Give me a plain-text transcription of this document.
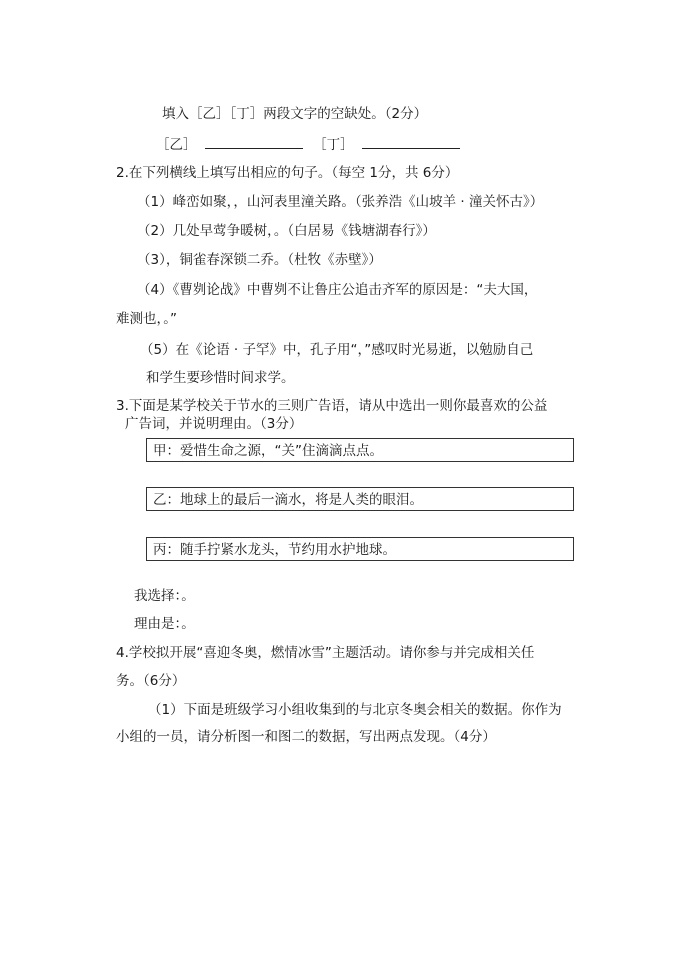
填入［乙］［丁］两段文字的空缺处。（2分）
［乙］	［丁］
2.在下列横线上填写出相应的句子。（每空 1分，共 6分）
（1）峰峦如聚，，山河表里潼关路。（张养浩《山坡羊 · 潼关怀古》）
（2）几处早莺争暖树，。（白居易《钱塘湖春行》）
（3），铜雀春深锁二乔。（杜牧《赤壁》）
（4）《曹刿论战》中曹刿不让鲁庄公追击齐军的原因是：“夫大国，
难测也，。”
（5）在《论语 · 子罕》中，孔子用“，”感叹时光易逝，以勉励自己
和学生要珍惜时间求学。
3.下面是某学校关于节水的三则广告语，请从中选出一则你最喜欢的公益
广告词，并说明理由。（3分）
甲：爱惜生命之源，“关”住滴滴点点。
乙：地球上的最后一滴水，将是人类的眼泪。
丙：随手拧紧水龙头，节约用水护地球。
我选择：。
理由是：。
4.学校拟开展“喜迎冬奥，燃情冰雪”主题活动。请你参与并完成相关任
务。（6分）
（1）下面是班级学习小组收集到的与北京冬奥会相关的数据。你作为
小组的一员，请分析图一和图二的数据，写出两点发现。（4分）
